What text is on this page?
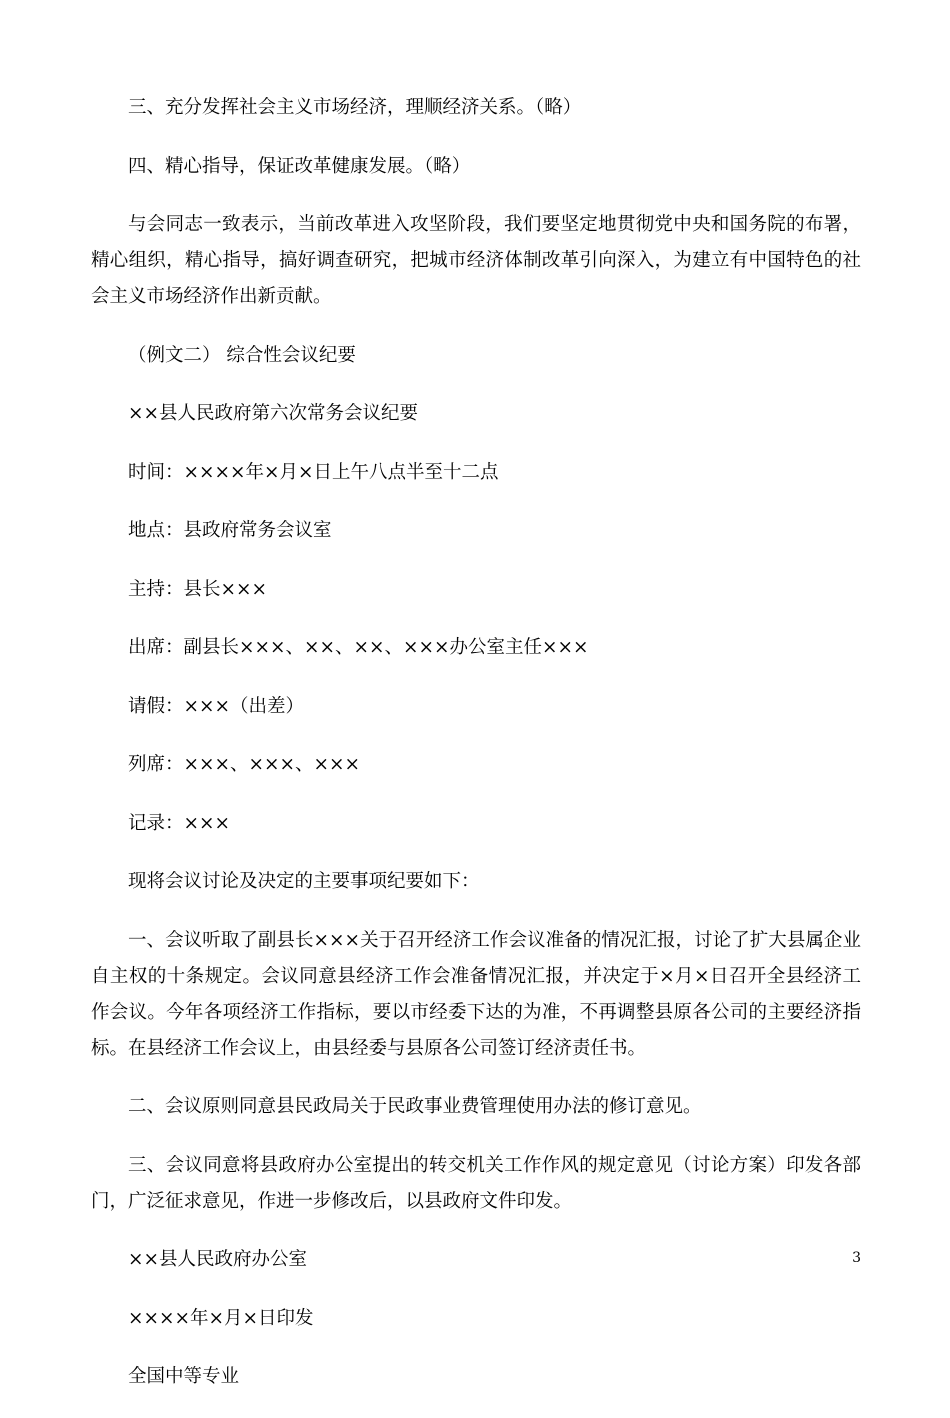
三、充分发挥社会主义市场经济，理顺经济关系。（略）

四、精心指导，保证改革健康发展。（略）

与会同志一致表示，当前改革进入攻坚阶段，我们要坚定地贯彻党中央和国务院的布署，精心组织，精心指导，搞好调查研究，把城市经济体制改革引向深入，为建立有中国特色的社会主义市场经济作出新贡献。

（例文二） 综合性会议纪要

××县人民政府第六次常务会议纪要

时间：××××年×月×日上午八点半至十二点

地点：县政府常务会议室

主持：县长×××

出席：副县长×××、××、××、×××办公室主任×××

请假：×××（出差）

列席：×××、×××、×××

记录：×××

现将会议讨论及决定的主要事项纪要如下：

一、会议听取了副县长×××关于召开经济工作会议准备的情况汇报，讨论了扩大县属企业自主权的十条规定。会议同意县经济工作会准备情况汇报，并决定于×月×日召开全县经济工作会议。今年各项经济工作指标，要以市经委下达的为准，不再调整县原各公司的主要经济指标。在县经济工作会议上，由县经委与县原各公司签订经济责任书。

二、会议原则同意县民政局关于民政事业费管理使用办法的修订意见。

三、会议同意将县政府办公室提出的转交机关工作作风的规定意见（讨论方案）印发各部门，广泛征求意见，作进一步修改后，以县政府文件印发。

××县人民政府办公室

××××年×月×日印发

全国中等专业

3
